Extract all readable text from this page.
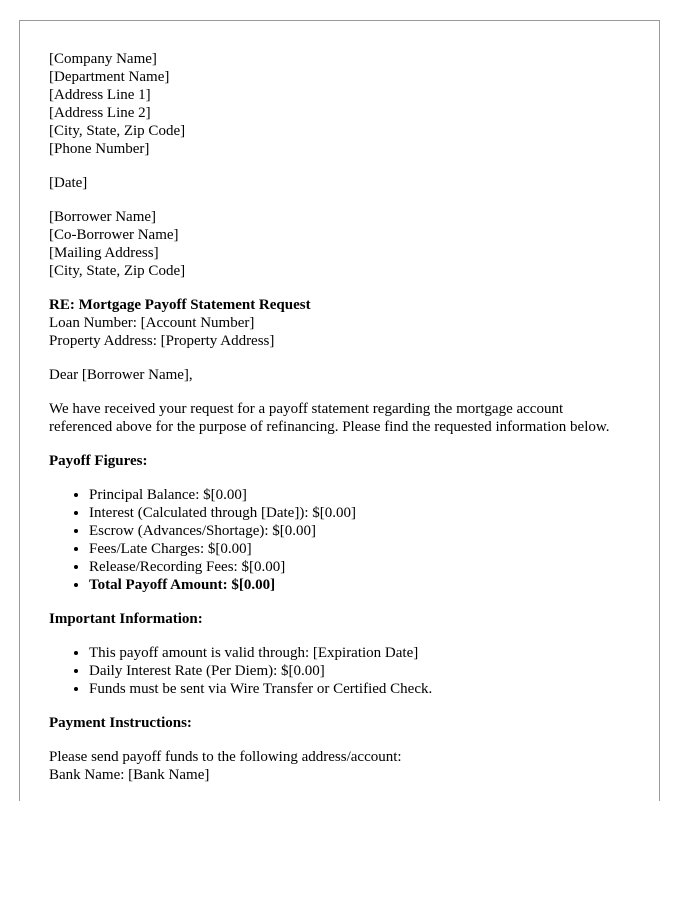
[Company Name]

[Department Name]

[Address Line 1]

[Address Line 2]

[City, State, Zip Code]

[Phone Number]

[Date]

[Borrower Name]

[Co-Borrower Name]

[Mailing Address]

[City, State, Zip Code]

RE: Mortgage Payoff Statement Request

Loan Number: [Account Number]

Property Address: [Property Address]

Dear [Borrower Name],

We have received your request for a payoff statement regarding the mortgage account referenced above for the purpose of refinancing. Please find the requested information below.

Payoff Figures:

• Principal Balance: $[0.00]
• Interest (Calculated through [Date]): $[0.00]
• Escrow (Advances/Shortage): $[0.00]
• Fees/Late Charges: $[0.00]
• Release/Recording Fees: $[0.00]
• Total Payoff Amount: $[0.00]

Important Information:

• This payoff amount is valid through: [Expiration Date]
• Daily Interest Rate (Per Diem): $[0.00]
• Funds must be sent via Wire Transfer or Certified Check.

Payment Instructions:

Please send payoff funds to the following address/account:

Bank Name: [Bank Name]
